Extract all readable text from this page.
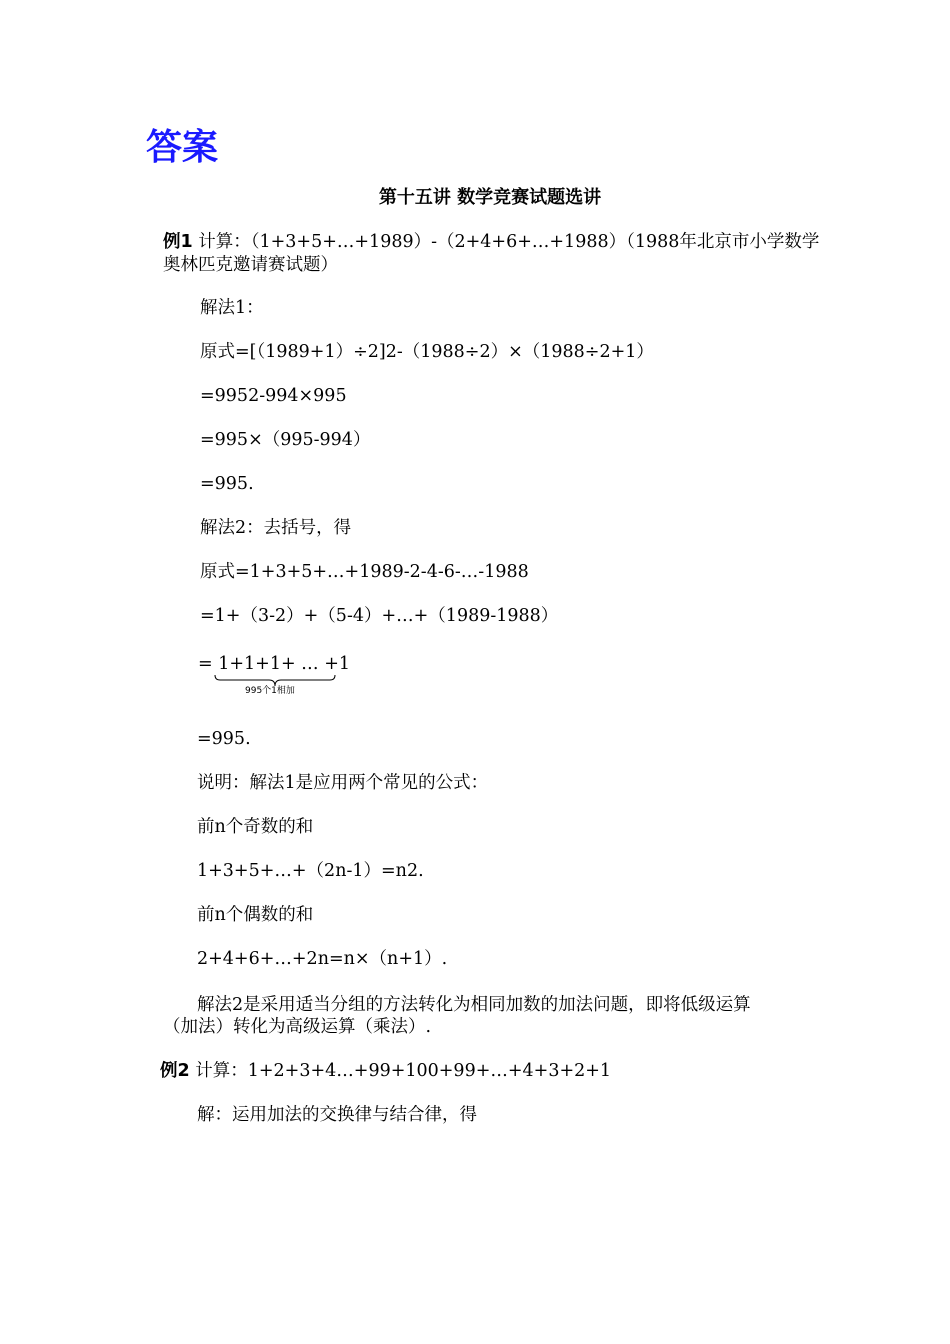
答案
第十五讲 数学竞赛试题选讲

例1 计算：（1+3+5+…+1989）-（2+4+6+…+1988）（1988年北京市小学数学

奥林匹克邀请赛试题）

解法1：

原式=[（1989+1）÷2]2-（1988÷2）×（1988÷2+1）

=9952-994×995

=995×（995-994）

=995.

解法2：去括号，得

原式=1+3+5+…+1989-2-4-6-…-1988

=1+（3-2）+（5-4）+…+（1989-1988）

= 1+1+1+ … +1
995个1相加

=995.

说明：解法1是应用两个常见的公式：

前n个奇数的和

1+3+5+…+（2n-1）=n2.

前n个偶数的和

2+4+6+…+2n=n×（n+1）.

解法2是采用适当分组的方法转化为相同加数的加法问题，即将低级运算

（加法）转化为高级运算（乘法）.

例2 计算：1+2+3+4…+99+100+99+…+4+3+2+1

解：运用加法的交换律与结合律，得
